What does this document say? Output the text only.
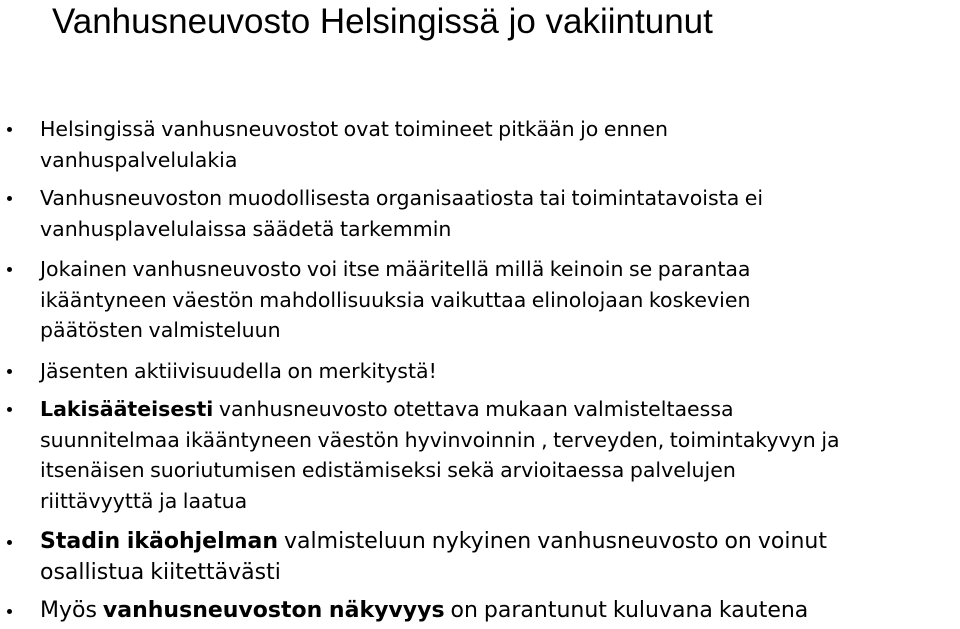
Vanhusneuvosto Helsingissä jo vakiintunut
Helsingissä vanhusneuvostot ovat toimineet pitkään jo ennen
vanhuspalvelulakia
Vanhusneuvoston muodollisesta organisaatiosta tai toimintatavoista ei
vanhusplavelulaissa säädetä tarkemmin
Jokainen vanhusneuvosto voi itse määritellä millä keinoin se parantaa
ikääntyneen väestön mahdollisuuksia vaikuttaa elinolojaan koskevien
päätösten valmisteluun
Jäsenten aktiivisuudella on merkitystä!
Lakisääteisesti vanhusneuvosto otettava mukaan valmisteltaessa
suunnitelmaa ikääntyneen väestön hyvinvoinnin , terveyden, toimintakyvyn ja
itsenäisen suoriutumisen edistämiseksi sekä arvioitaessa palvelujen
riittävyyttä ja laatua
Stadin ikäohjelman valmisteluun nykyinen vanhusneuvosto on voinut
osallistua kiitettävästi
Myös vanhusneuvoston näkyvyys on parantunut kuluvana kautena
